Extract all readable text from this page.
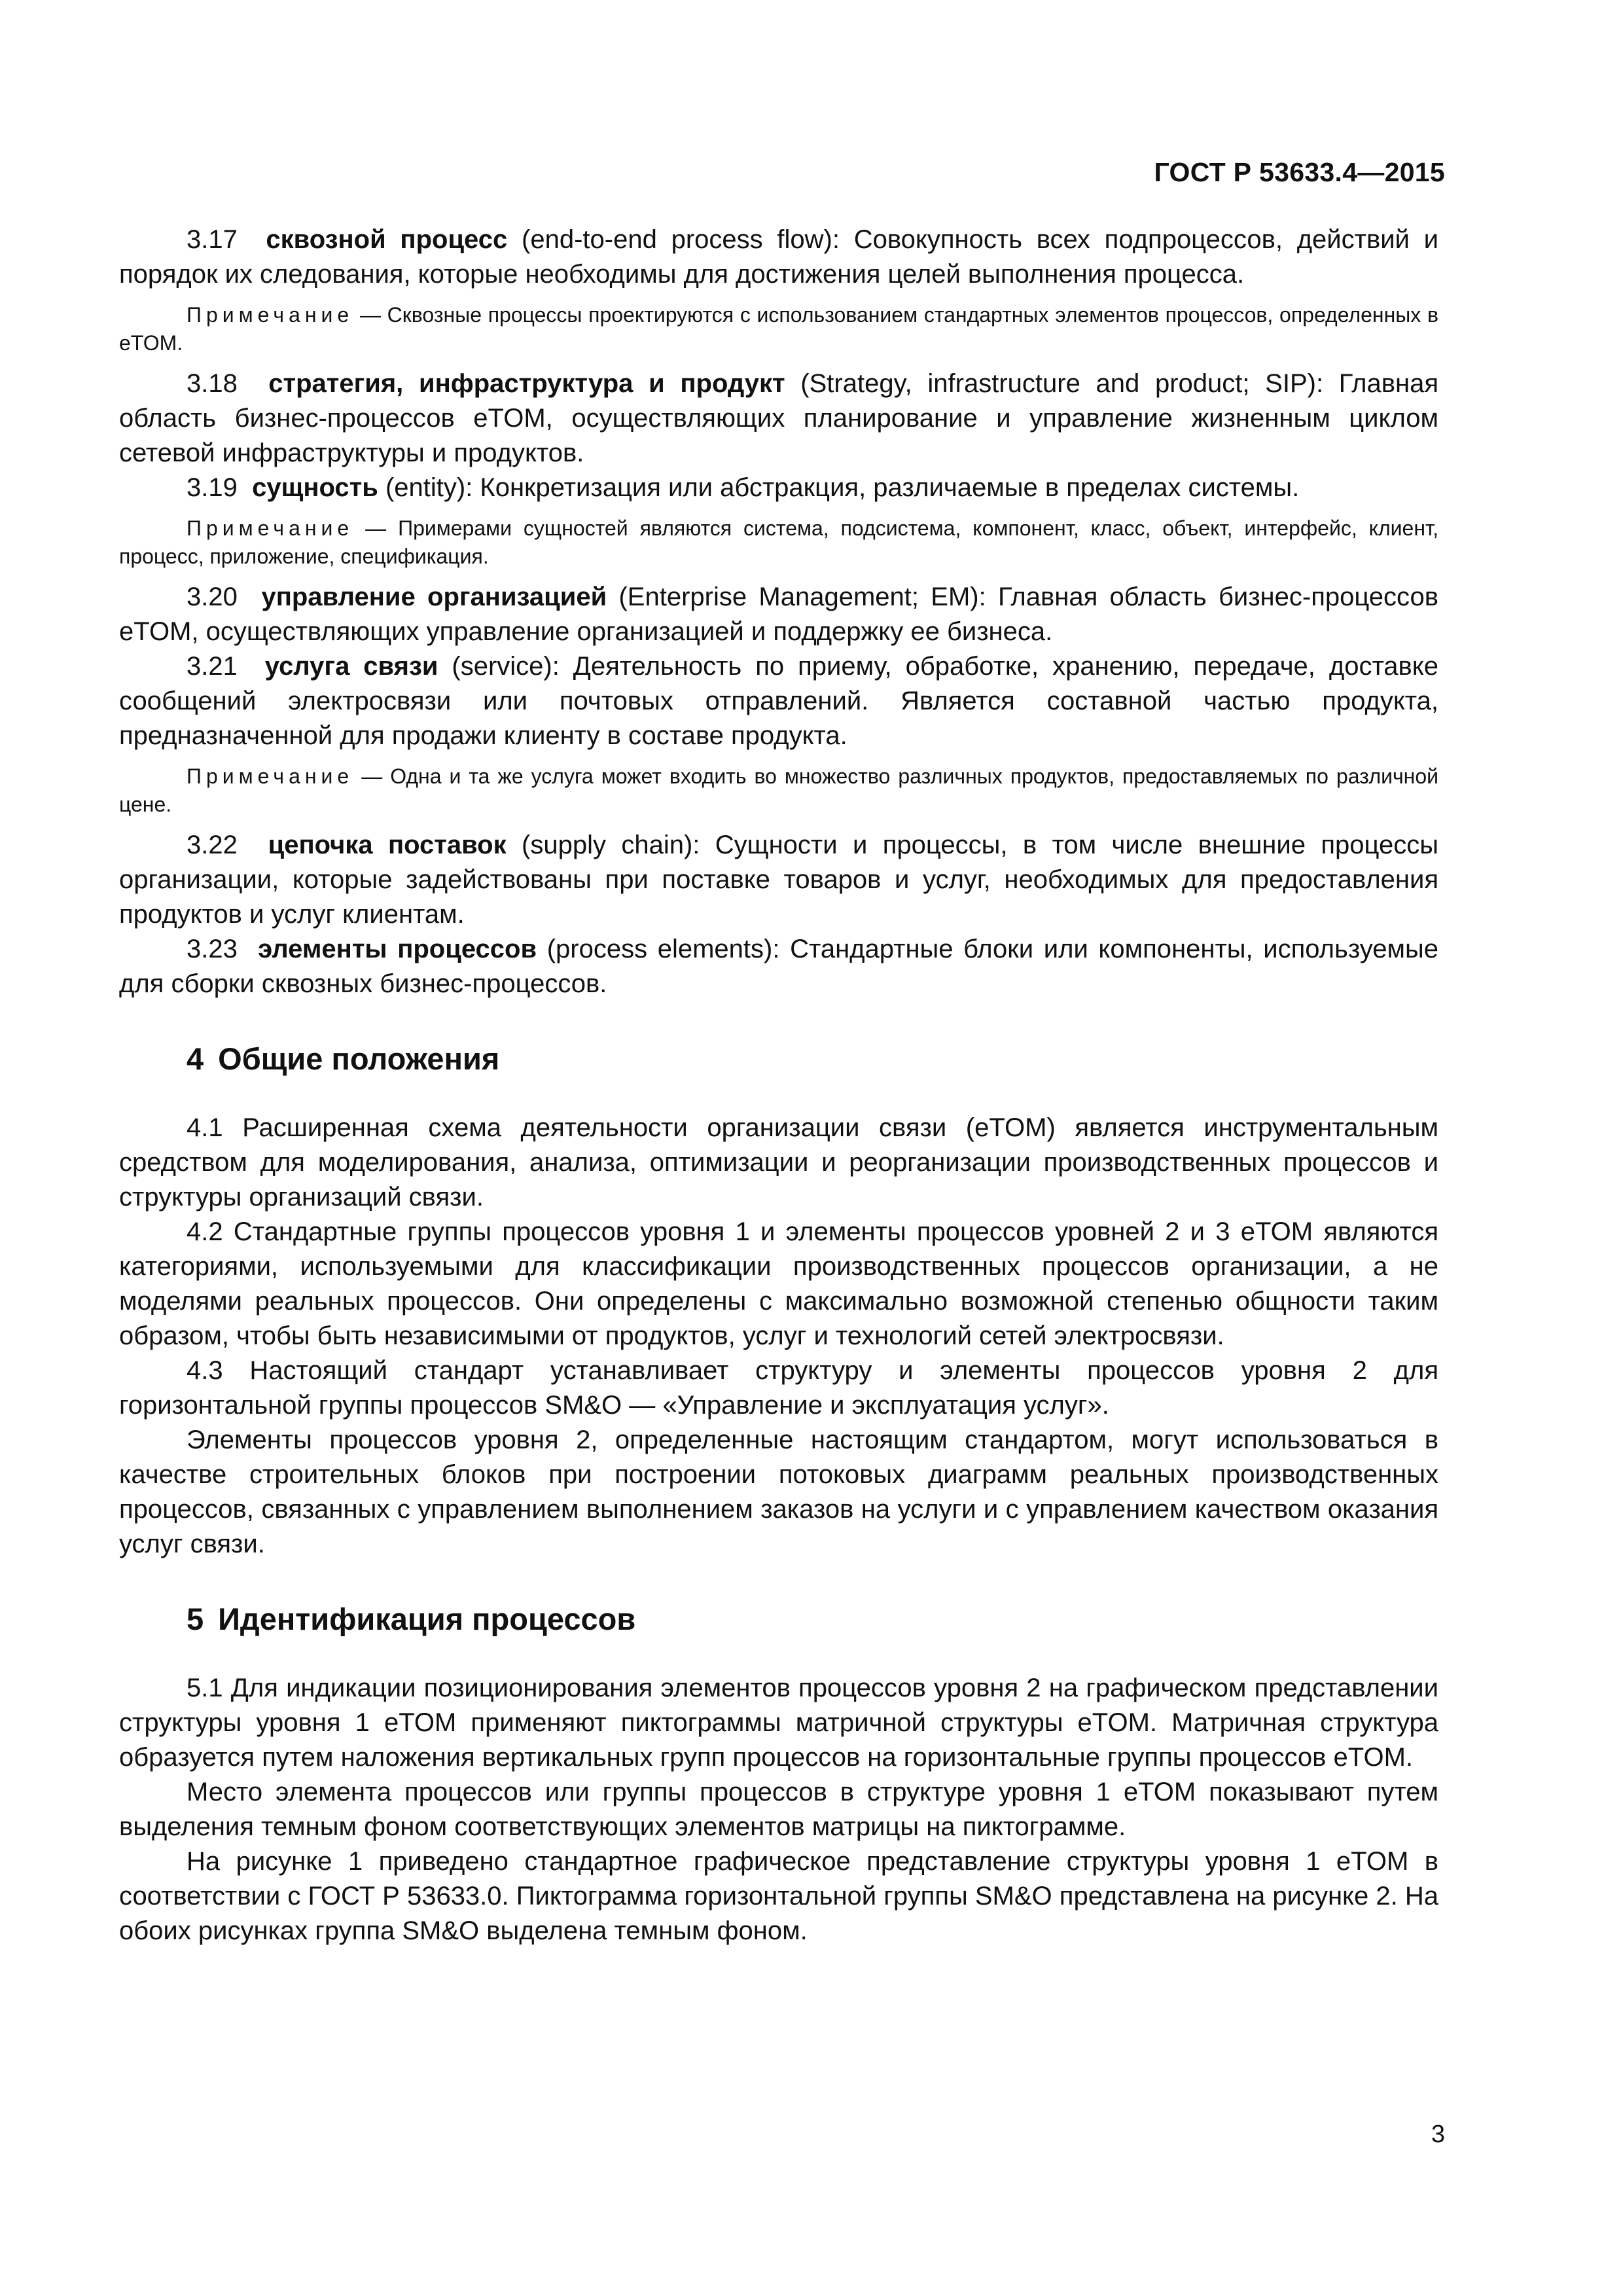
ГОСТ Р 53633.4—2015

3.17 сквозной процесс (end-to-end process flow): Совокупность всех подпроцессов, действий и порядок их следования, которые необходимы для достижения целей выполнения процесса.

Примечание — Сквозные процессы проектируются с использованием стандартных элементов процессов, определенных в eTOM.

3.18 стратегия, инфраструктура и продукт (Strategy, infrastructure and product; SIP): Главная область бизнес-процессов eTOM, осуществляющих планирование и управление жизненным циклом сетевой инфраструктуры и продуктов.

3.19 сущность (entity): Конкретизация или абстракция, различаемые в пределах системы.

Примечание — Примерами сущностей являются система, подсистема, компонент, класс, объект, интерфейс, клиент, процесс, приложение, спецификация.

3.20 управление организацией (Enterprise Management; EM): Главная область бизнес-процессов eTOM, осуществляющих управление организацией и поддержку ее бизнеса.

3.21 услуга связи (service): Деятельность по приему, обработке, хранению, передаче, доставке сообщений электросвязи или почтовых отправлений. Является составной частью продукта, предназначенной для продажи клиенту в составе продукта.

Примечание — Одна и та же услуга может входить во множество различных продуктов, предоставляемых по различной цене.

3.22 цепочка поставок (supply chain): Сущности и процессы, в том числе внешние процессы организации, которые задействованы при поставке товаров и услуг, необходимых для предоставления продуктов и услуг клиентам.

3.23 элементы процессов (process elements): Стандартные блоки или компоненты, используемые для сборки сквозных бизнес-процессов.

4 Общие положения

4.1 Расширенная схема деятельности организации связи (eTOM) является инструментальным средством для моделирования, анализа, оптимизации и реорганизации производственных процессов и структуры организаций связи.

4.2 Стандартные группы процессов уровня 1 и элементы процессов уровней 2 и 3 eTOM являются категориями, используемыми для классификации производственных процессов организации, а не моделями реальных процессов. Они определены с максимально возможной степенью общности таким образом, чтобы быть независимыми от продуктов, услуг и технологий сетей электросвязи.

4.3 Настоящий стандарт устанавливает структуру и элементы процессов уровня 2 для горизонтальной группы процессов SM&O — «Управление и эксплуатация услуг».

Элементы процессов уровня 2, определенные настоящим стандартом, могут использоваться в качестве строительных блоков при построении потоковых диаграмм реальных производственных процессов, связанных с управлением выполнением заказов на услуги и с управлением качеством оказания услуг связи.

5 Идентификация процессов

5.1 Для индикации позиционирования элементов процессов уровня 2 на графическом представлении структуры уровня 1 eTOM применяют пиктограммы матричной структуры eTOM. Матричная структура образуется путем наложения вертикальных групп процессов на горизонтальные группы процессов eTOM.

Место элемента процессов или группы процессов в структуре уровня 1 eTOM показывают путем выделения темным фоном соответствующих элементов матрицы на пиктограмме.

На рисунке 1 приведено стандартное графическое представление структуры уровня 1 eTOM в соответствии с ГОСТ Р 53633.0. Пиктограмма горизонтальной группы SM&O представлена на рисунке 2. На обоих рисунках группа SM&O выделена темным фоном.

3
